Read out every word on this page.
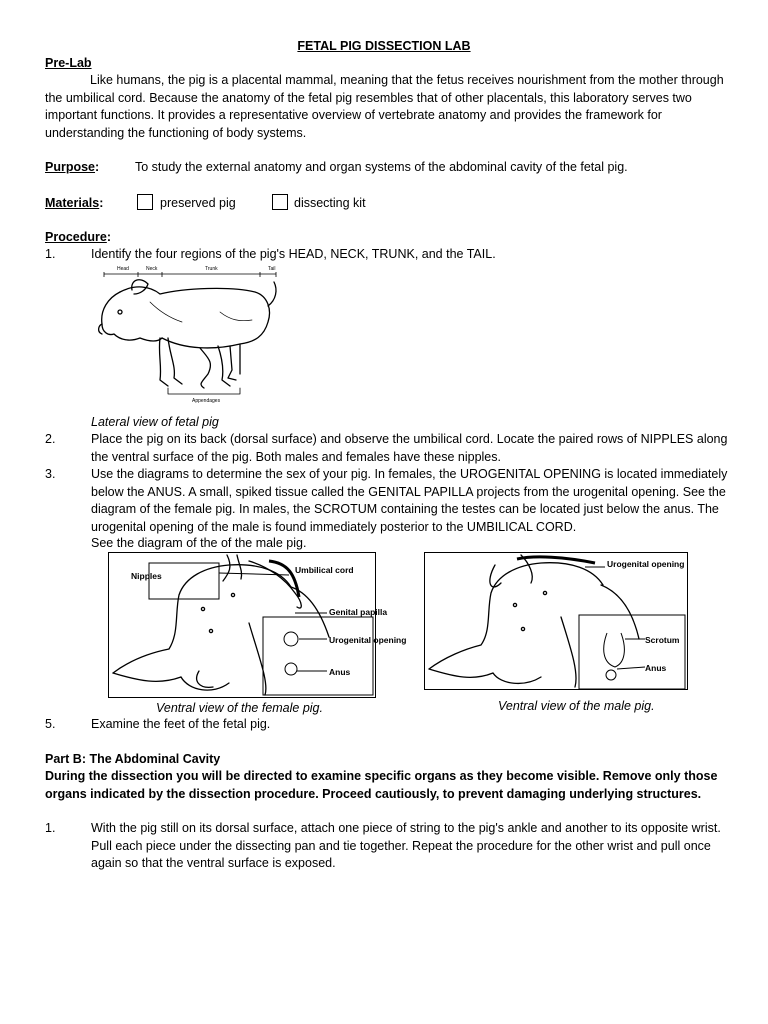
FETAL PIG DISSECTION LAB
Pre-Lab
Like humans, the pig is a placental mammal, meaning that the fetus receives nourishment from the mother through the umbilical cord. Because the anatomy of the fetal pig resembles that of other placentals, this laboratory serves two important functions. It provides a representative overview of vertebrate anatomy and provides the framework for understanding the functioning of body systems.
Purpose:	To study the external anatomy and organ systems of the abdominal cavity of the fetal pig.
Materials:	preserved pig	dissecting kit
Procedure:
1.	Identify the four regions of the pig's HEAD, NECK, TRUNK, and the TAIL.
Head	Neck	Trunk	Tail
Appendages
Lateral view of fetal pig
2.	Place the pig on its back (dorsal surface) and observe the umbilical cord. Locate the paired rows of NIPPLES along the ventral surface of the pig. Both males and females have these nipples.
3.	Use the diagrams to determine the sex of your pig. In females, the UROGENITAL OPENING is located immediately below the ANUS. A small, spiked tissue called the GENITAL PAPILLA projects from the urogenital opening. See the diagram of the female pig. In males, the SCROTUM containing the testes can be located just below the anus. The urogenital opening of the male is found immediately posterior to the UMBILICAL CORD.
See the diagram of the of the male pig.
Nipples
Umbilical cord
Genital papilla
Urogenital opening
Anus
Ventral view of the female pig.
Urogenital opening
Scrotum
Anus
Ventral view of the male pig.
5.	Examine the feet of the fetal pig.
Part B: The Abdominal Cavity
During the dissection you will be directed to examine specific organs as they become visible. Remove only those organs indicated by the dissection procedure. Proceed cautiously, to prevent damaging underlying structures.
1.	With the pig still on its dorsal surface, attach one piece of string to the pig's ankle and another to its opposite wrist. Pull each piece under the dissecting pan and tie together. Repeat the procedure for the other wrist and pull once again so that the ventral surface is exposed.
